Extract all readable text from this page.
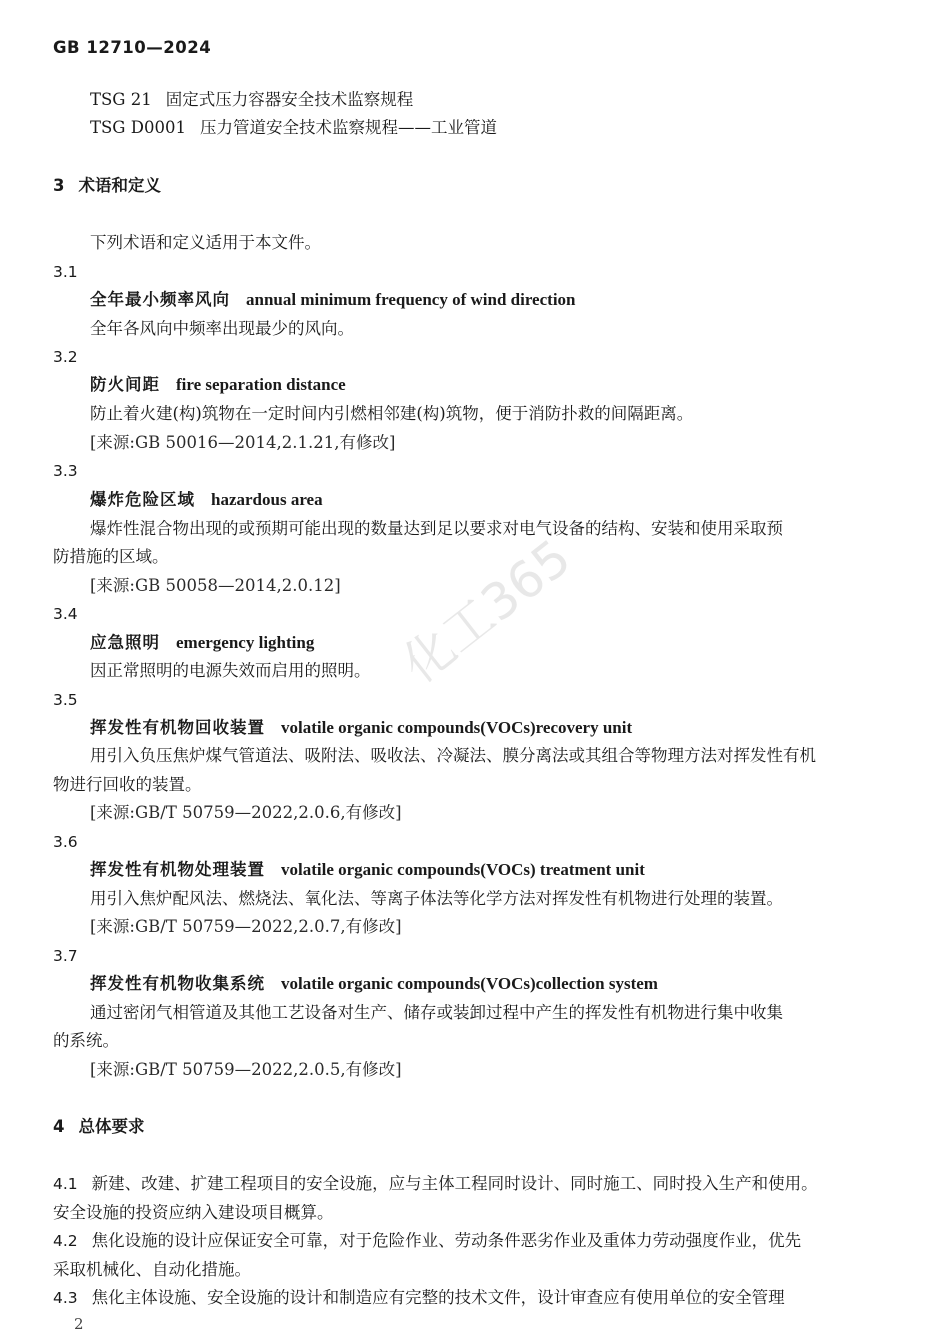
GB 12710—2024
TSG 21 固定式压力容器安全技术监察规程
TSG D0001 压力管道安全技术监察规程——工业管道
3 术语和定义
下列术语和定义适用于本文件。
3.1
全年最小频率风向 annual minimum frequency of wind direction
全年各风向中频率出现最少的风向。
3.2
防火间距 fire separation distance
防止着火建(构)筑物在一定时间内引燃相邻建(构)筑物，便于消防扑救的间隔距离。
[来源:GB 50016—2014,2.1.21,有修改]
3.3
爆炸危险区域 hazardous area
爆炸性混合物出现的或预期可能出现的数量达到足以要求对电气设备的结构、安装和使用采取预
防措施的区域。
[来源:GB 50058—2014,2.0.12]
3.4
应急照明 emergency lighting
因正常照明的电源失效而启用的照明。
3.5
挥发性有机物回收装置 volatile organic compounds(VOCs)recovery unit
用引入负压焦炉煤气管道法、吸附法、吸收法、冷凝法、膜分离法或其组合等物理方法对挥发性有机
物进行回收的装置。
[来源:GB/T 50759—2022,2.0.6,有修改]
3.6
挥发性有机物处理装置 volatile organic compounds(VOCs) treatment unit
用引入焦炉配风法、燃烧法、氧化法、等离子体法等化学方法对挥发性有机物进行处理的装置。
[来源:GB/T 50759—2022,2.0.7,有修改]
3.7
挥发性有机物收集系统 volatile organic compounds(VOCs)collection system
通过密闭气相管道及其他工艺设备对生产、储存或装卸过程中产生的挥发性有机物进行集中收集
的系统。
[来源:GB/T 50759—2022,2.0.5,有修改]
4 总体要求
4.1 新建、改建、扩建工程项目的安全设施，应与主体工程同时设计、同时施工、同时投入生产和使用。
安全设施的投资应纳入建设项目概算。
4.2 焦化设施的设计应保证安全可靠，对于危险作业、劳动条件恶劣作业及重体力劳动强度作业，优先
采取机械化、自动化措施。
4.3 焦化主体设施、安全设施的设计和制造应有完整的技术文件，设计审查应有使用单位的安全管理
2
化工365
